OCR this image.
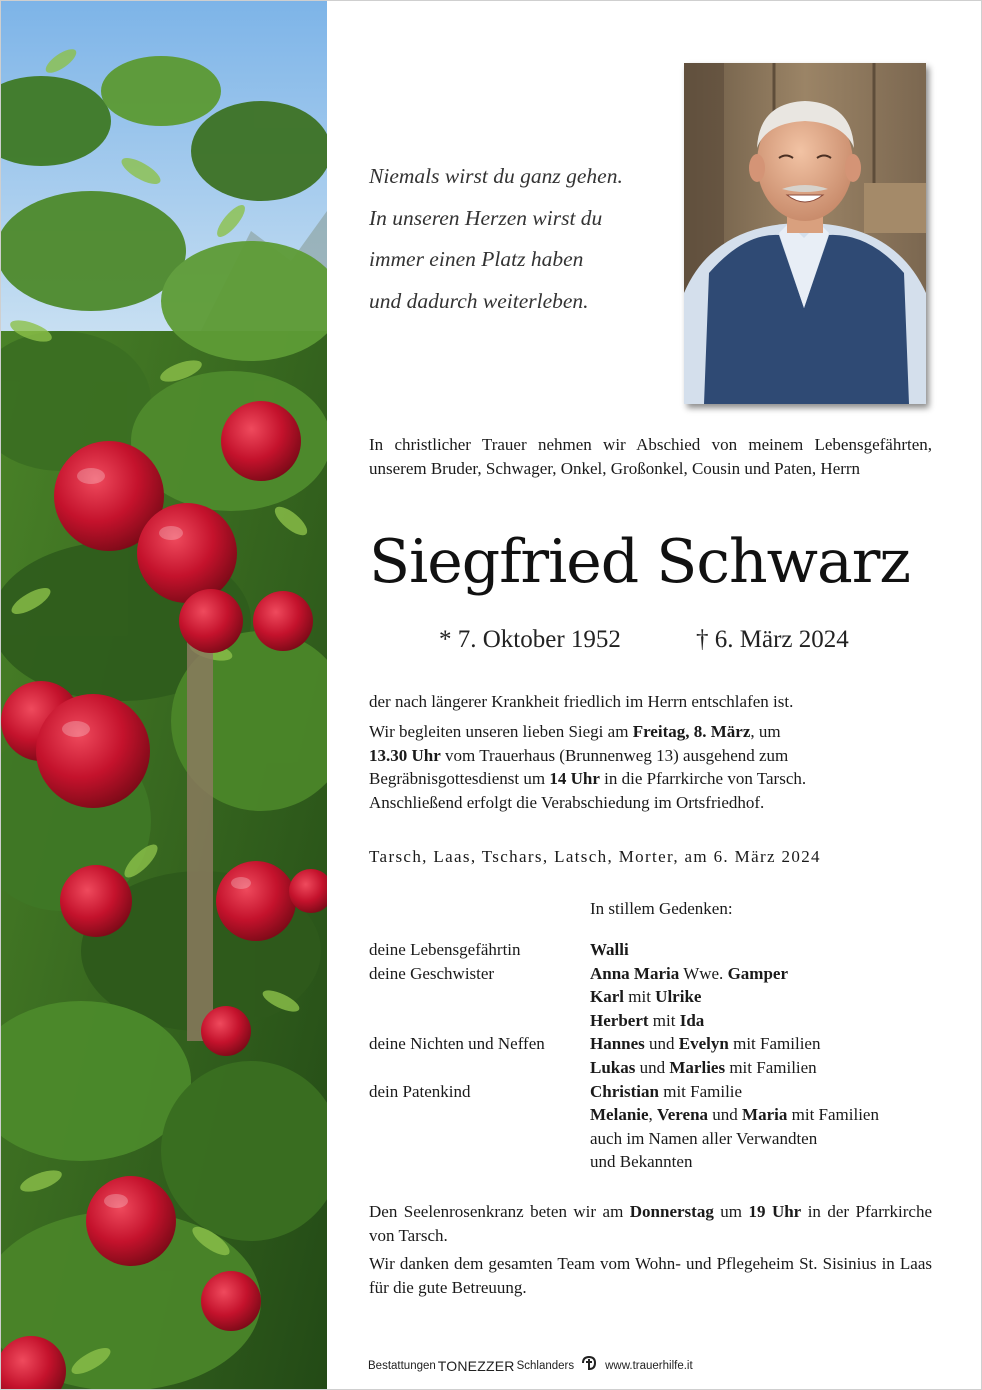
Niemals wirst du ganz gehen.
In unseren Herzen wirst du
immer einen Platz haben
und dadurch weiterleben.
In christlicher Trauer nehmen wir Abschied von meinem Lebensgefährten, unserem Bruder, Schwager, Onkel, Großonkel, Cousin und Paten, Herrn
Siegfried Schwarz
* 7. Oktober 1952	† 6. März 2024
der nach längerer Krankheit friedlich im Herrn entschlafen ist.
Wir begleiten unseren lieben Siegi am Freitag, 8. März, um
13.30 Uhr vom Trauerhaus (Brunnenweg 13) ausgehend zum
Begräbnisgottesdienst um 14 Uhr in die Pfarrkirche von Tarsch.
Anschließend erfolgt die Verabschiedung im Ortsfriedhof.
Tarsch, Laas, Tschars, Latsch, Morter, am 6. März 2024
In stillem Gedenken:
deine Lebensgefährtin	Walli
deine Geschwister	Anna Maria Wwe. Gamper
Karl mit Ulrike
Herbert mit Ida
deine Nichten und Neffen	Hannes und Evelyn mit Familien
Lukas und Marlies mit Familien
dein Patenkind	Christian mit Familie
Melanie, Verena und Maria mit Familien
auch im Namen aller Verwandten
und Bekannten
Den Seelenrosenkranz beten wir am Donnerstag um 19 Uhr in der Pfarrkirche von Tarsch.
Wir danken dem gesamten Team vom Wohn- und Pflegeheim St. Sisinius in Laas für die gute Betreuung.
Bestattungen TONEZZER Schlanders	www.trauerhilfe.it
